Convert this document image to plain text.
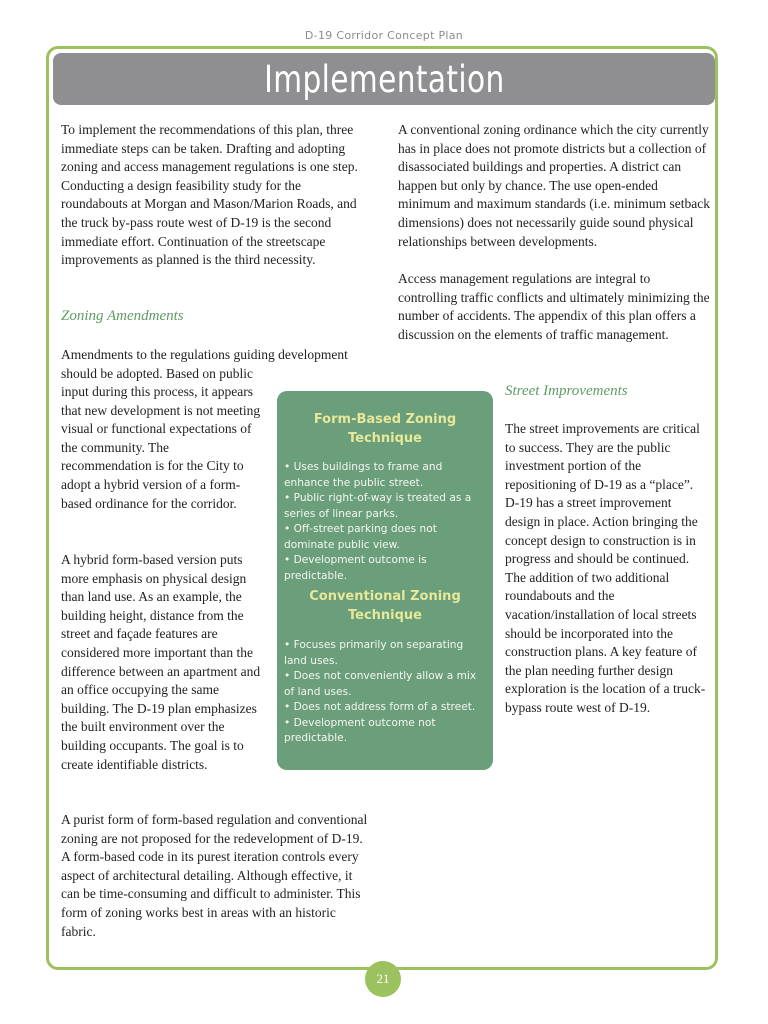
D-19 Corridor Concept Plan
Implementation

To implement the recommendations of this plan, three immediate steps can be taken. Drafting and adopting zoning and access management regulations is one step. Conducting a design feasibility study for the roundabouts at Morgan and Mason/Marion Roads, and the truck by-pass route west of D-19 is the second immediate effort. Continuation of the streetscape improvements as planned is the third necessity.

Zoning Amendments

Amendments to the regulations guiding development should be adopted. Based on public

input during this process, it appears that new development is not meeting visual or functional expectations of the community. The recommendation is for the City to adopt a hybrid version of a form-based ordinance for the corridor.

A hybrid form-based version puts more emphasis on physical design than land use. As an example, the building height, distance from the street and façade features are considered more important than the difference between an apartment and an office occupying the same building. The D-19 plan emphasizes the built environment over the building occupants. The goal is to create identifiable districts.

A purist form of form-based regulation and conventional zoning are not proposed for the redevelopment of D-19. A form-based code in its purest iteration controls every aspect of architectural detailing. Although effective, it can be time-consuming and difficult to administer. This form of zoning works best in areas with an historic fabric.

A conventional zoning ordinance which the city currently has in place does not promote districts but a collection of disassociated buildings and properties. A district can happen but only by chance. The use open-ended minimum and maximum standards (i.e. minimum setback dimensions) does not necessarily guide sound physical relationships between developments.

Access management regulations are integral to controlling traffic conflicts and ultimately minimizing the number of accidents. The appendix of this plan offers a discussion on the elements of traffic management.

Street Improvements

The street improvements are critical to success. They are the public investment portion of the repositioning of D-19 as a “place”. D-19 has a street improvement design in place. Action bringing the concept design to construction is in progress and should be continued. The addition of two additional roundabouts and the vacation/installation of local streets should be incorporated into the construction plans. A key feature of the plan needing further design exploration is the location of a truck-bypass route west of D-19.

Form-Based Zoning Technique
• Uses buildings to frame and enhance the public street.
• Public right-of-way is treated as a series of linear parks.
• Off-street parking does not dominate public view.
• Development outcome is predictable.
Conventional Zoning Technique
• Focuses primarily on separating land uses.
• Does not conveniently allow a mix of land uses.
• Does not address form of a street.
• Development outcome not predictable.
21
